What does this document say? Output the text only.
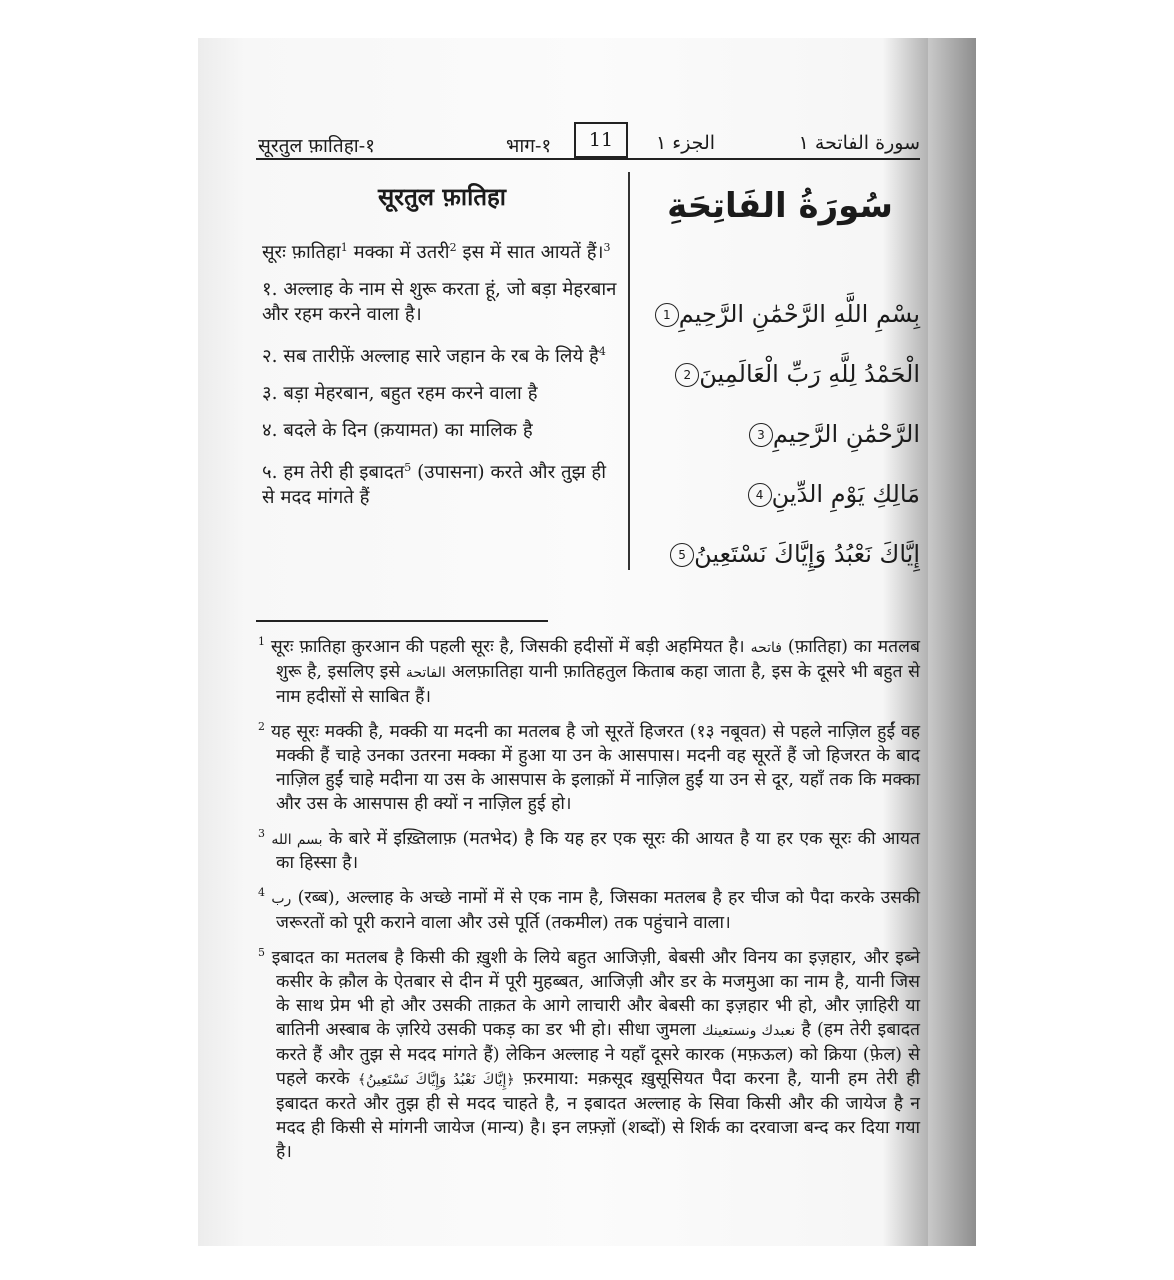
सूरतुल फ़ातिहा-१	भाग-१	11	الجزء ١	سورة الفاتحة ١
सूरतुल फ़ातिहा
सूरः फ़ातिहा$^1$ मक्का में उतरी$^2$ इस में सात आयतें हैं।$^3$
१. अल्लाह के नाम से शुरू करता हूं, जो बड़ा मेहरबान और रहम करने वाला है।
२. सब तारीफ़ें अल्लाह सारे जहान के रब के लिये है$^4$
३. बड़ा मेहरबान, बहुत रहम करने वाला है
४. बदले के दिन (क़यामत) का मालिक है
५. हम तेरी ही इबादत$^5$ (उपासना) करते और तुझ ही से मदद मांगते हैं
سُورَةُ الفَاتِحَةِ
بِسْمِ اللَّهِ الرَّحْمَٰنِ الرَّحِيمِ1
الْحَمْدُ لِلَّهِ رَبِّ الْعَالَمِينَ2
الرَّحْمَٰنِ الرَّحِيمِ3
مَالِكِ يَوْمِ الدِّينِ4
إِيَّاكَ نَعْبُدُ وَإِيَّاكَ نَسْتَعِينُ5
$^1$ सूरः फ़ातिहा क़ुरआन की पहली सूरः है, जिसकी हदीसों में बड़ी अहमियत है। فاتحه (फ़ातिहा) का मतलब शुरू है, इसलिए इसे الفاتحة अलफ़ातिहा यानी फ़ातिहतुल किताब कहा जाता है, इस के दूसरे भी बहुत से नाम हदीसों से साबित हैं।
$^2$ यह सूरः मक्की है, मक्की या मदनी का मतलब है जो सूरतें हिजरत (१३ नबूवत) से पहले नाज़िल हुईं वह मक्की हैं चाहे उनका उतरना मक्का में हुआ या उन के आसपास। मदनी वह सूरतें हैं जो हिजरत के बाद नाज़िल हुईं चाहे मदीना या उस के आसपास के इलाक़ों में नाज़िल हुईं या उन से दूर, यहाँ तक कि मक्का और उस के आसपास ही क्यों न नाज़िल हुई हो।
$^3$ بسم الله के बारे में इख़्तिलाफ़ (मतभेद) है कि यह हर एक सूरः की आयत है या हर एक सूरः की आयत का हिस्सा है।
$^4$ رب (रब्ब), अल्लाह के अच्छे नामों में से एक नाम है, जिसका मतलब है हर चीज को पैदा करके उसकी जरूरतों को पूरी कराने वाला और उसे पूर्ति (तकमील) तक पहुंचाने वाला।
$^5$ इबादत का मतलब है किसी की ख़ुशी के लिये बहुत आजिज़ी, बेबसी और विनय का इज़हार, और इब्ने कसीर के क़ौल के ऐतबार से दीन में पूरी मुहब्बत, आजिज़ी और डर के मजमुआ का नाम है, यानी जिस के साथ प्रेम भी हो और उसकी ताक़त के आगे लाचारी और बेबसी का इज़हार भी हो, और ज़ाहिरी या बातिनी अस्बाब के ज़रिये उसकी पकड़ का डर भी हो। सीधा जुमला نعبدك ونستعينك है (हम तेरी इबादत करते हैं और तुझ से मदद मांगते हैं) लेकिन अल्लाह ने यहाँ दूसरे कारक (मफ़ऊल) को क्रिया (फ़ेल) से पहले करके ﴿إِيَّاكَ نَعْبُدُ وَإِيَّاكَ نَسْتَعِينُ﴾ फ़रमाया: मक़सूद ख़ुसूसियत पैदा करना है, यानी हम तेरी ही इबादत करते और तुझ ही से मदद चाहते है, न इबादत अल्लाह के सिवा किसी और की जायेज है न मदद ही किसी से मांगनी जायेज (मान्य) है। इन लफ़्ज़ों (शब्दों) से शिर्क का दरवाजा बन्द कर दिया गया है।
